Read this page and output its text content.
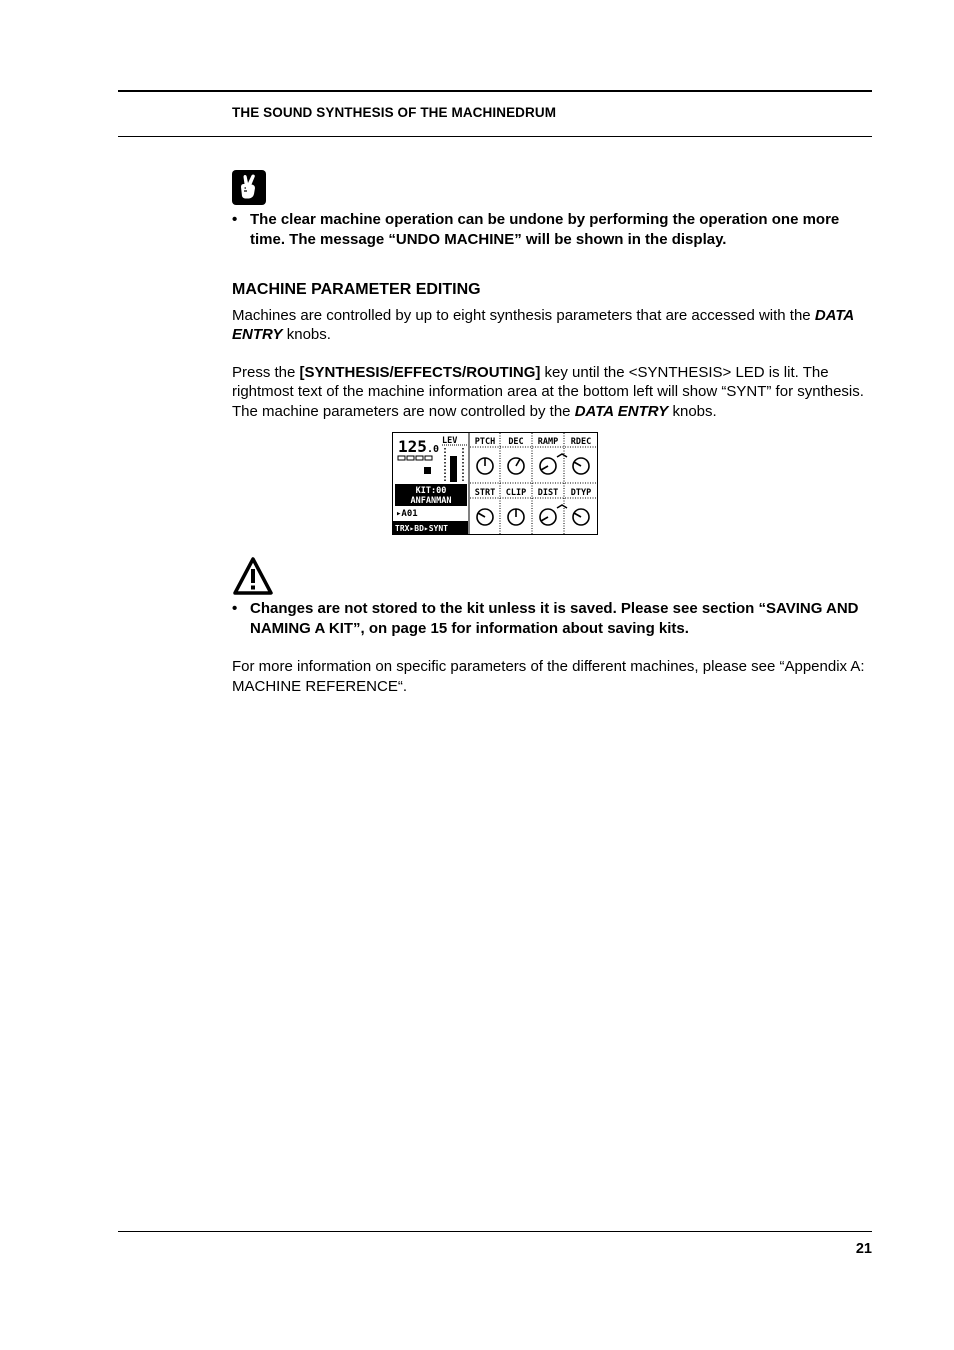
THE SOUND SYNTHESIS OF THE MACHINEDRUM
• The clear machine operation can be undone by performing the operation one more time. The message “UNDO MACHINE” will be shown in the display.
MACHINE PARAMETER EDITING

Machines are controlled by up to eight synthesis parameters that are accessed with the DATA ENTRY knobs.

Press the [SYNTHESIS/EFFECTS/ROUTING] key until the <SYNTHESIS> LED is lit. The rightmost text of the machine information area at the bottom left will show “SYNT” for synthesis. The machine parameters are now controlled by the DATA ENTRY knobs.

125 .0
KIT:00
ANFANMAN
▸A01
TRX▸BD▸SYNT
LEV PTCH DEC RAMP RDEC
STRT CLIP DIST DTYP
• Changes are not stored to the kit unless it is saved. Please see section “SAVING AND NAMING A KIT”, on page 15 for information about saving kits.
For more information on specific parameters of the different machines, please see “Appendix A: MACHINE REFERENCE“.
21
